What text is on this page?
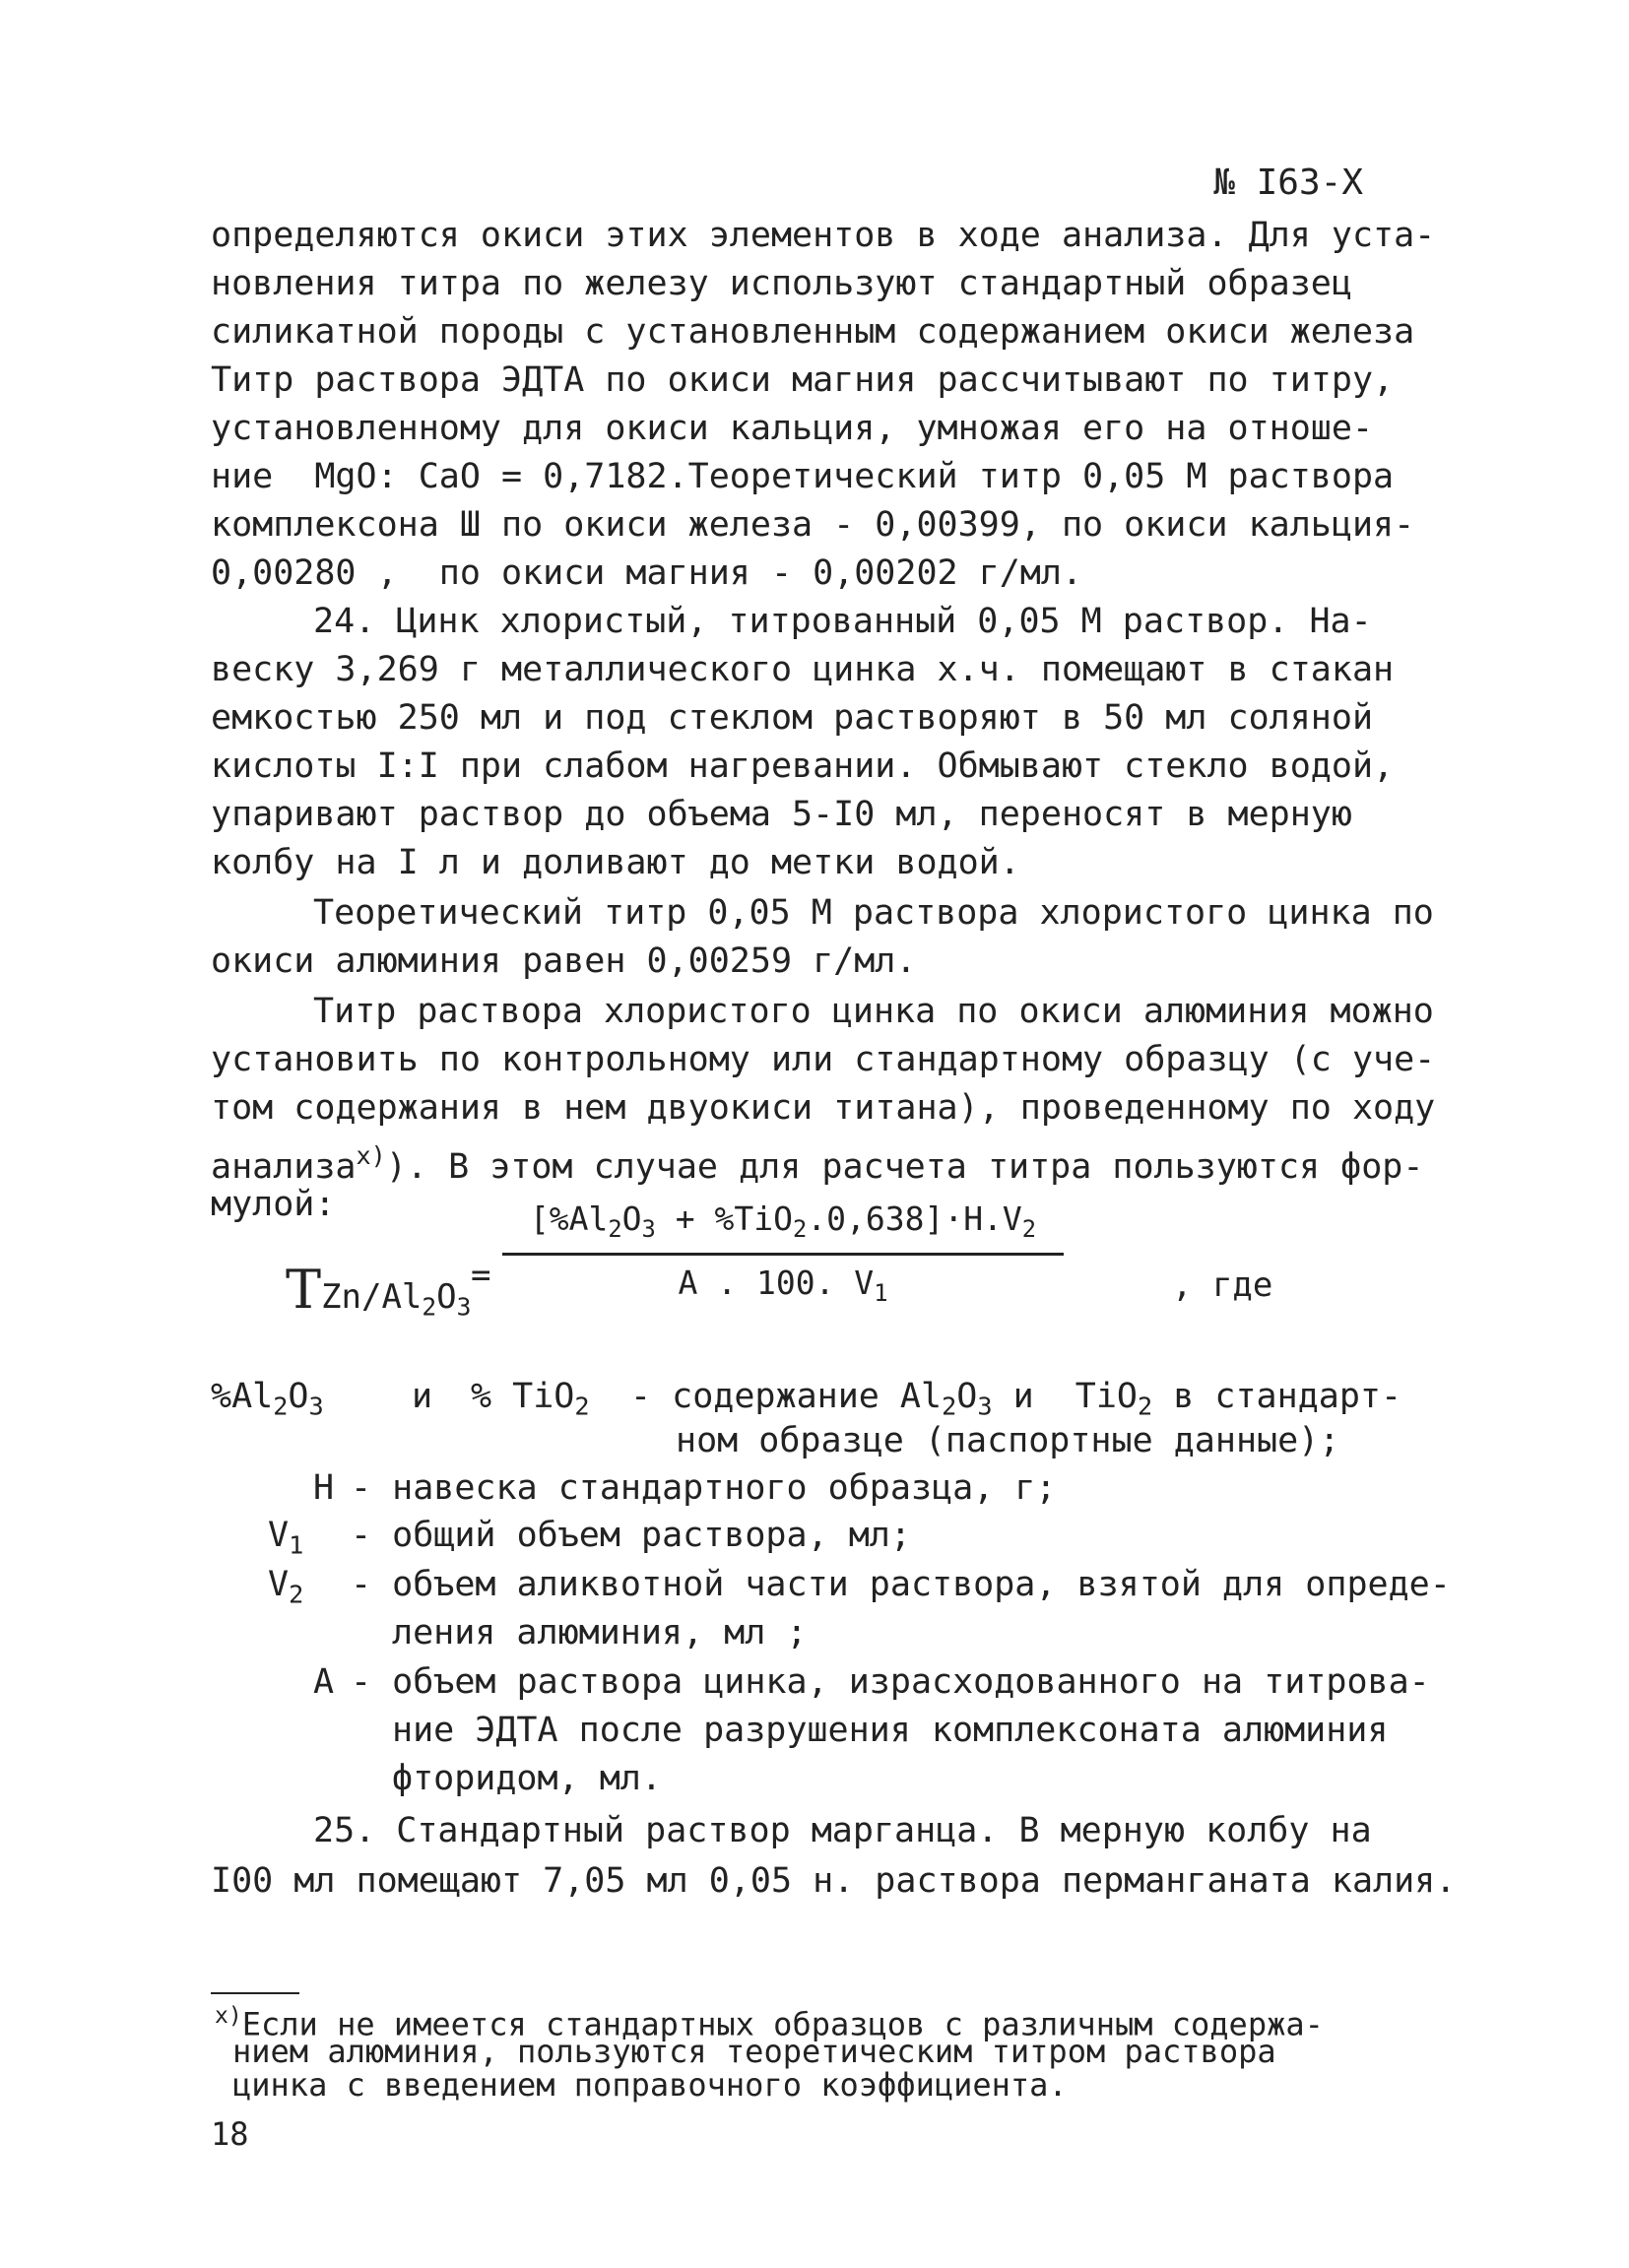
№ I63-Х
определяются окиси этих элементов в ходе анализа. Для уста-
новления титра по железу используют стандартный образец
силикатной породы с установленным содержанием окиси железа
Титр раствора ЭДТА по окиси магния рассчитывают по титру,
установленному для окиси кальция, умножая его на отноше-
ние  MgO: CaO = 0,7182.Теоретический титр 0,05 М раствора
комплексона Ш по окиси железа - 0,00399, по окиси кальция-
0,00280 ,  по окиси магния - 0,00202 г/мл.
24. Цинк хлористый, титрованный 0,05 М раствор. На-
веску 3,269 г металлического цинка х.ч. помещают в стакан
емкостью 250 мл и под стеклом растворяют в 50 мл соляной
кислоты I:I при слабом нагревании. Обмывают стекло водой,
упаривают раствор до объема 5-I0 мл, переносят в мерную
колбу на I л и доливают до метки водой.
Теоретический титр 0,05 М раствора хлористого цинка по
окиси алюминия равен 0,00259 г/мл.
Титр раствора хлористого цинка по окиси алюминия можно
установить по контрольному или стандартному образцу (с уче-
том содержания в нем двуокиси титана), проведенному по ходу
анализа$^{x)}$). В этом случае для расчета титра пользуются фор-
мулой:
TZn/$Al_2O_3$
=
$[\%Al_2O_3 + \%TiO_2.0,638]\cdot H.V_2$
A . 100. $V_1$	, где
$\%Al_2O_3$	и % TiO$_2$ - содержание $Al_2O_3$ и  TiO$_2$ в стандарт-
ном образце (паспортные данные);
H - навеска стандартного образца, г;
$V_1$ - общий объем раствора, мл;
$V_2$ - объем аликвотной части раствора, взятой для опреде-
ления алюминия, мл ;
A - объем раствора цинка, израсходованного на титрова-
ние ЭДТА после разрушения комплексоната алюминия
фторидом, мл.
25. Стандартный раствор марганца. В мерную колбу на
I00 мл помещают 7,05 мл 0,05 н. раствора перманганата калия.
$^{x)}$Если не имеется стандартных образцов с различным содержа-
нием алюминия, пользуются теоретическим титром раствора
цинка с введением поправочного коэффициента.
18
